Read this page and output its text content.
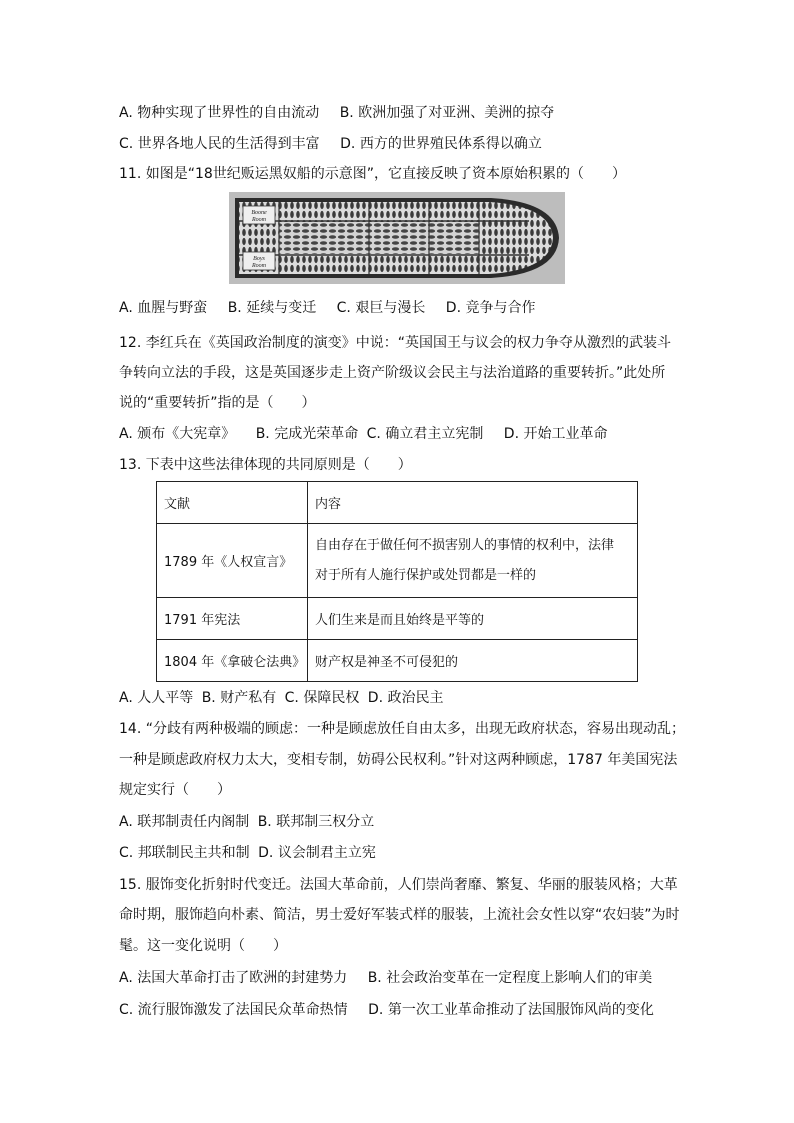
A. 物种实现了世界性的自由流动 B. 欧洲加强了对亚洲、美洲的掠夺
C. 世界各地人民的生活得到丰富 D. 西方的世界殖民体系得以确立
11. 如图是“18世纪贩运黑奴船的示意图”，它直接反映了资本原始积累的（　　）
Boone
Room
Boys
Room
A. 血腥与野蛮 B. 延续与变迁 C. 艰巨与漫长 D. 竞争与合作
12. 李红兵在《英国政治制度的演变》中说：“英国国王与议会的权力争夺从激烈的武装斗
争转向立法的手段，这是英国逐步走上资产阶级议会民主与法治道路的重要转折。”此处所
说的“重要转折”指的是（　　）
A. 颁布《大宪章》 B. 完成光荣革命 C. 确立君主立宪制 D. 开始工业革命
13. 下表中这些法律体现的共同原则是（　　）
文献	内容
1789 年《人权宣言》	自由存在于做任何不损害别人的事情的权利中，法律
对于所有人施行保护或处罚都是一样的

1791 年宪法	人们生来是而且始终是平等的
1804 年《拿破仑法典》	财产权是神圣不可侵犯的
A. 人人平等 B. 财产私有 C. 保障民权 D. 政治民主
14. “分歧有两种极端的顾虑：一种是顾虑放任自由太多，出现无政府状态，容易出现动乱；
一种是顾虑政府权力太大，变相专制，妨碍公民权利。”针对这两种顾虑，1787 年美国宪法
规定实行（　　）
A. 联邦制责任内阁制 B. 联邦制三权分立
C. 邦联制民主共和制 D. 议会制君主立宪
15. 服饰变化折射时代变迁。法国大革命前，人们崇尚奢靡、繁复、华丽的服装风格；大革
命时期，服饰趋向朴素、简洁，男士爱好军装式样的服装，上流社会女性以穿“农妇装”为时
髦。这一变化说明（　　）
A. 法国大革命打击了欧洲的封建势力 B. 社会政治变革在一定程度上影响人们的审美
C. 流行服饰激发了法国民众革命热情 D. 第一次工业革命推动了法国服饰风尚的变化
